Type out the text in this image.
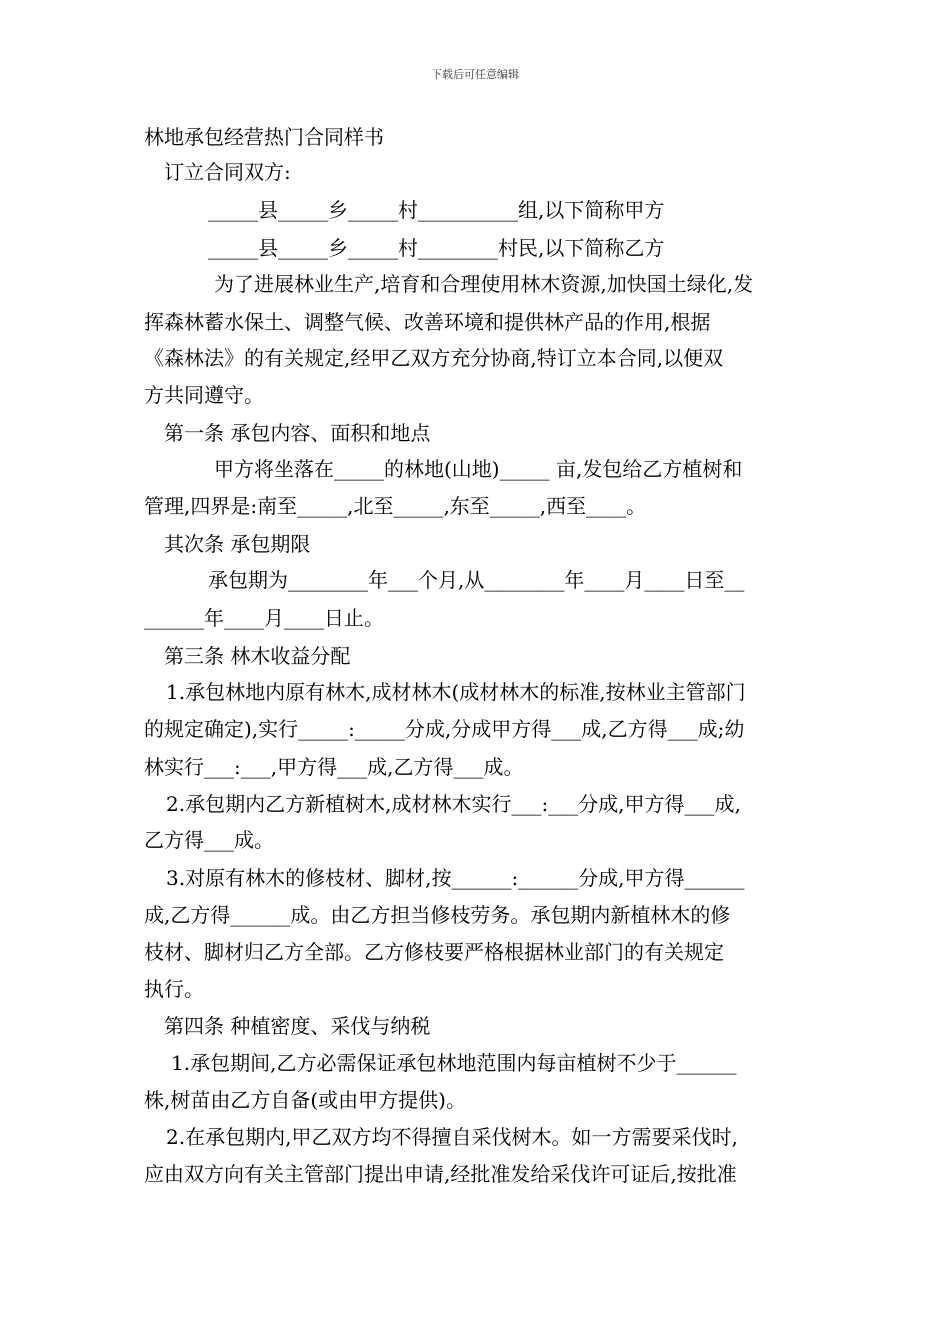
下载后可任意编辑
林地承包经营热门合同样书
订立合同双方:
_____县_____乡_____村__________组,以下简称甲方
_____县_____乡_____村________村民,以下简称乙方
为了进展林业生产,培育和合理使用林木资源,加快国土绿化,发
挥森林蓄水保土、调整气候、改善环境和提供林产品的作用,根据
《森林法》的有关规定,经甲乙双方充分协商,特订立本合同,以便双
方共同遵守。
第一条 承包内容、面积和地点
甲方将坐落在_____的林地(山地)_____ 亩,发包给乙方植树和
管理,四界是:南至_____,北至_____,东至_____,西至____。
其次条 承包期限
承包期为________年___个月,从________年____月____日至__
______年____月____日止。
第三条 林木收益分配
1.承包林地内原有林木,成材林木(成材林木的标准,按林业主管部门
的规定确定),实行_____:_____分成,分成甲方得___成,乙方得___成;幼
林实行___:___,甲方得___成,乙方得___成。
2.承包期内乙方新植树木,成材林木实行___:___分成,甲方得___成,
乙方得___成。
3.对原有林木的修枝材、脚材,按______:______分成,甲方得______
成,乙方得______成。由乙方担当修枝劳务。承包期内新植林木的修
枝材、脚材归乙方全部。乙方修枝要严格根据林业部门的有关规定
执行。
第四条 种植密度、采伐与纳税
1.承包期间,乙方必需保证承包林地范围内每亩植树不少于______
株,树苗由乙方自备(或由甲方提供)。
2.在承包期内,甲乙双方均不得擅自采伐树木。如一方需要采伐时,
应由双方向有关主管部门提出申请,经批准发给采伐许可证后,按批准
